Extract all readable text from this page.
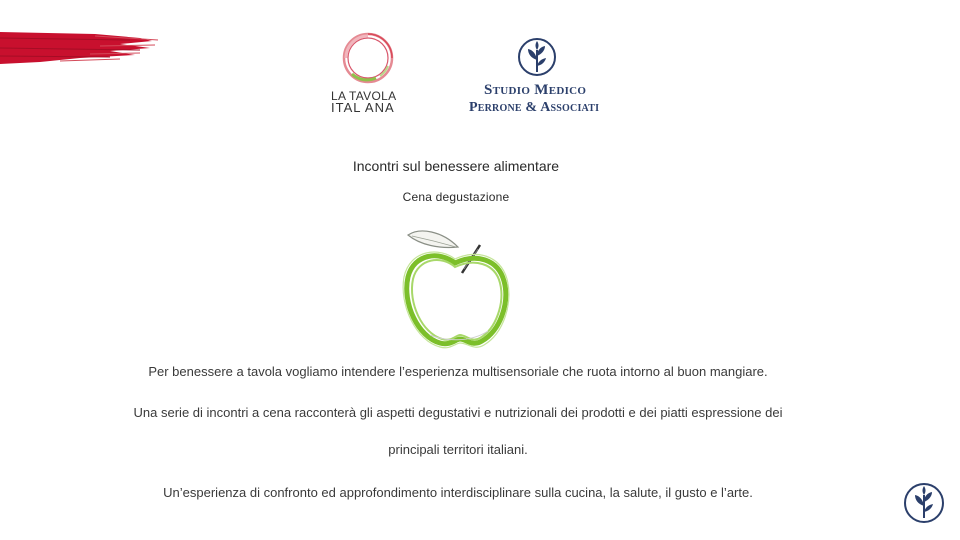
LA TAVOLA
ITAL ANA
Studio Medico
Perrone & Associati
Incontri sul benessere alimentare
Cena degustazione
Per benessere a tavola vogliamo intendere l’esperienza multisensoriale che ruota intorno al buon mangiare.
Una serie di incontri a cena racconterà gli aspetti degustativi e nutrizionali dei prodotti e dei piatti espressione dei
principali territori italiani.
Un’esperienza di confronto ed approfondimento interdisciplinare sulla cucina, la salute, il gusto e l’arte.
